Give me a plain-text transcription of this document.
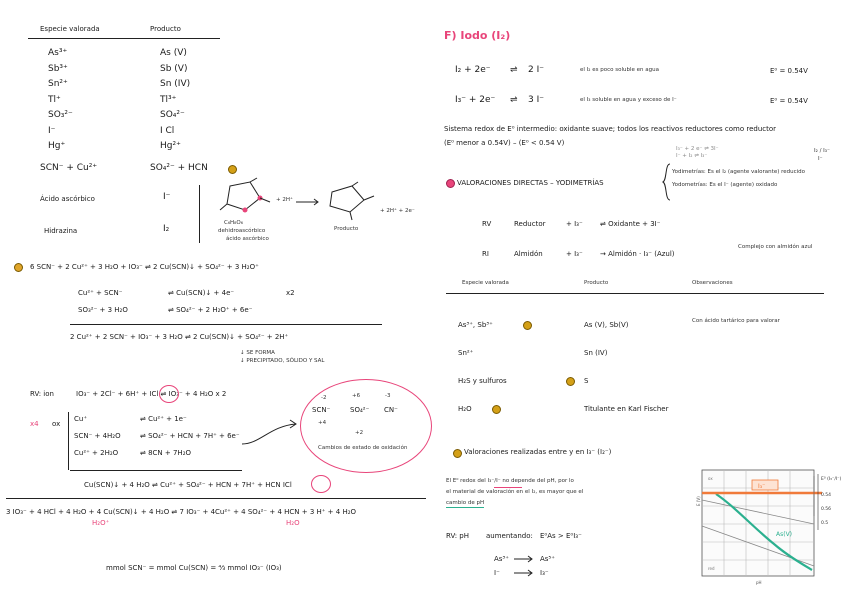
Especie valorada	Producto
As³⁺	As (V)
Sb³⁺	Sb (V)
Sn²⁺	Sn (IV)
Tl⁺	Tl³⁺
SO₃²⁻	SO₄²⁻
I⁻	I Cl
Hg⁺	Hg²⁺
SCN⁻ + Cu²⁺	SO₄²⁻ + HCN
Ácido ascórbico	I⁻
C₆H₈O₆
dehidroascórbico
+ 2H⁺
Producto
+ 2H⁺ + 2e⁻
Hidrazina	I₂
ácido ascórbico
6 SCN⁻ + 2 Cu²⁺ + 3 H₂O + IO₃⁻ ⇌ 2 Cu(SCN)↓ + SO₄²⁻ + 3 H₂O⁺
Cu²⁺ + SCN⁻	⇌ Cu(SCN)↓ + 4e⁻	x2
SO₃²⁻ + 3 H₂O	⇌ SO₄²⁻ + 2 H₂O⁺ + 6e⁻
2 Cu²⁺ + 2 SCN⁻ + IO₃⁻ + 3 H₂O ⇌ 2 Cu(SCN)↓ + SO₄²⁻ + 2H⁺
↓ SE FORMA
↓ PRECIPITADO, SÓLIDO Y SAL
RV: ion	IO₃⁻ + 2Cl⁻ + 6H⁺ + ICl ⇌ IO₃⁻ + 4 H₂O x 2
x4 ox
Cu⁺	⇌ Cu²⁺ + 1e⁻
SCN⁻ + 4H₂O	⇌ SO₄²⁻ + HCN + 7H⁺ + 6e⁻
Cu²⁺ + 2H₂O	⇌ 8CN + 7H₂O
-2	+6	-3
SCN⁻	SO₄²⁻ CN⁻
+4
+2
Cambios de estado de oxidación
Cu(SCN)↓ + 4 H₂O ⇌ Cu²⁺ + SO₄²⁻ + HCN + 7H⁺ + HCN ICl
3 IO₃⁻ + 4 HCl + 4 H₂O + 4 Cu(SCN)↓ + 4 H₂O ⇌ 7 IO₃⁻ + 4Cu²⁺ + 4 SO₄²⁻ + 4 HCN + 3 H⁺ + 4 H₂O
H₂O⁺	H₂O
mmol SCN⁻ = mmol Cu(SCN) = ⁴⁄₃ mmol IO₃⁻ (IO₃)
F) Iodo (I₂)
I₂ + 2e⁻ ⇌ 2 I⁻	el I₂ es poco soluble en agua	E⁰ = 0.54V
I₃⁻ + 2e⁻ ⇌ 3 I⁻	el I₃ soluble en agua y exceso de I⁻	E⁰ = 0.54V
Sistema redox de E⁰ intermedio: oxidante suave; todos los reactivos reductores como reductor
(E⁰ menor a 0.54V) – (E⁰ < 0.54 V)
I₃⁻ + 2 e⁻ ⇌ 3I⁻
I⁻ + I₂ ⇌ I₃⁻
I₂ / I₃⁻
I⁻
VALORACIONES DIRECTAS – YODIMETRÍAS
Yodimetrías: Es el I₂ (agente valorante) reducido
Yodometrías: Es el I⁻ (agente) oxidado
RV	Reductor	+ I₃⁻ ⇌ Oxidante + 3I⁻
RI	Almidón	+ I₃⁻ → Almidón · I₃⁻ (Azul)
Complejo con almidón azul
Especie valorada	Producto	Observaciones
As³⁺, Sb³⁺	As (V), Sb(V)	Con ácido tartárico para valorar
Sn²⁺	Sn (IV)
H₂S y sulfuros	S
H₂O	Titulante en Karl Fischer
Valoraciones realizadas entre y en I₃⁻ (I₂⁻)
El E⁰ redox del I₃⁻/I⁻ no depende del pH, por lo
el material de valoración en el I₂, es mayor que el
cambio de pH
RV: pH aumentando: E⁰As > E⁰I₃⁻
As³⁺	As⁵⁺
I⁻	I₃⁻
I₃⁻
As(V)
E (V)
pH
ox
red
E⁰ (I₃⁻/I⁻)
0.54
0.56
0.5
